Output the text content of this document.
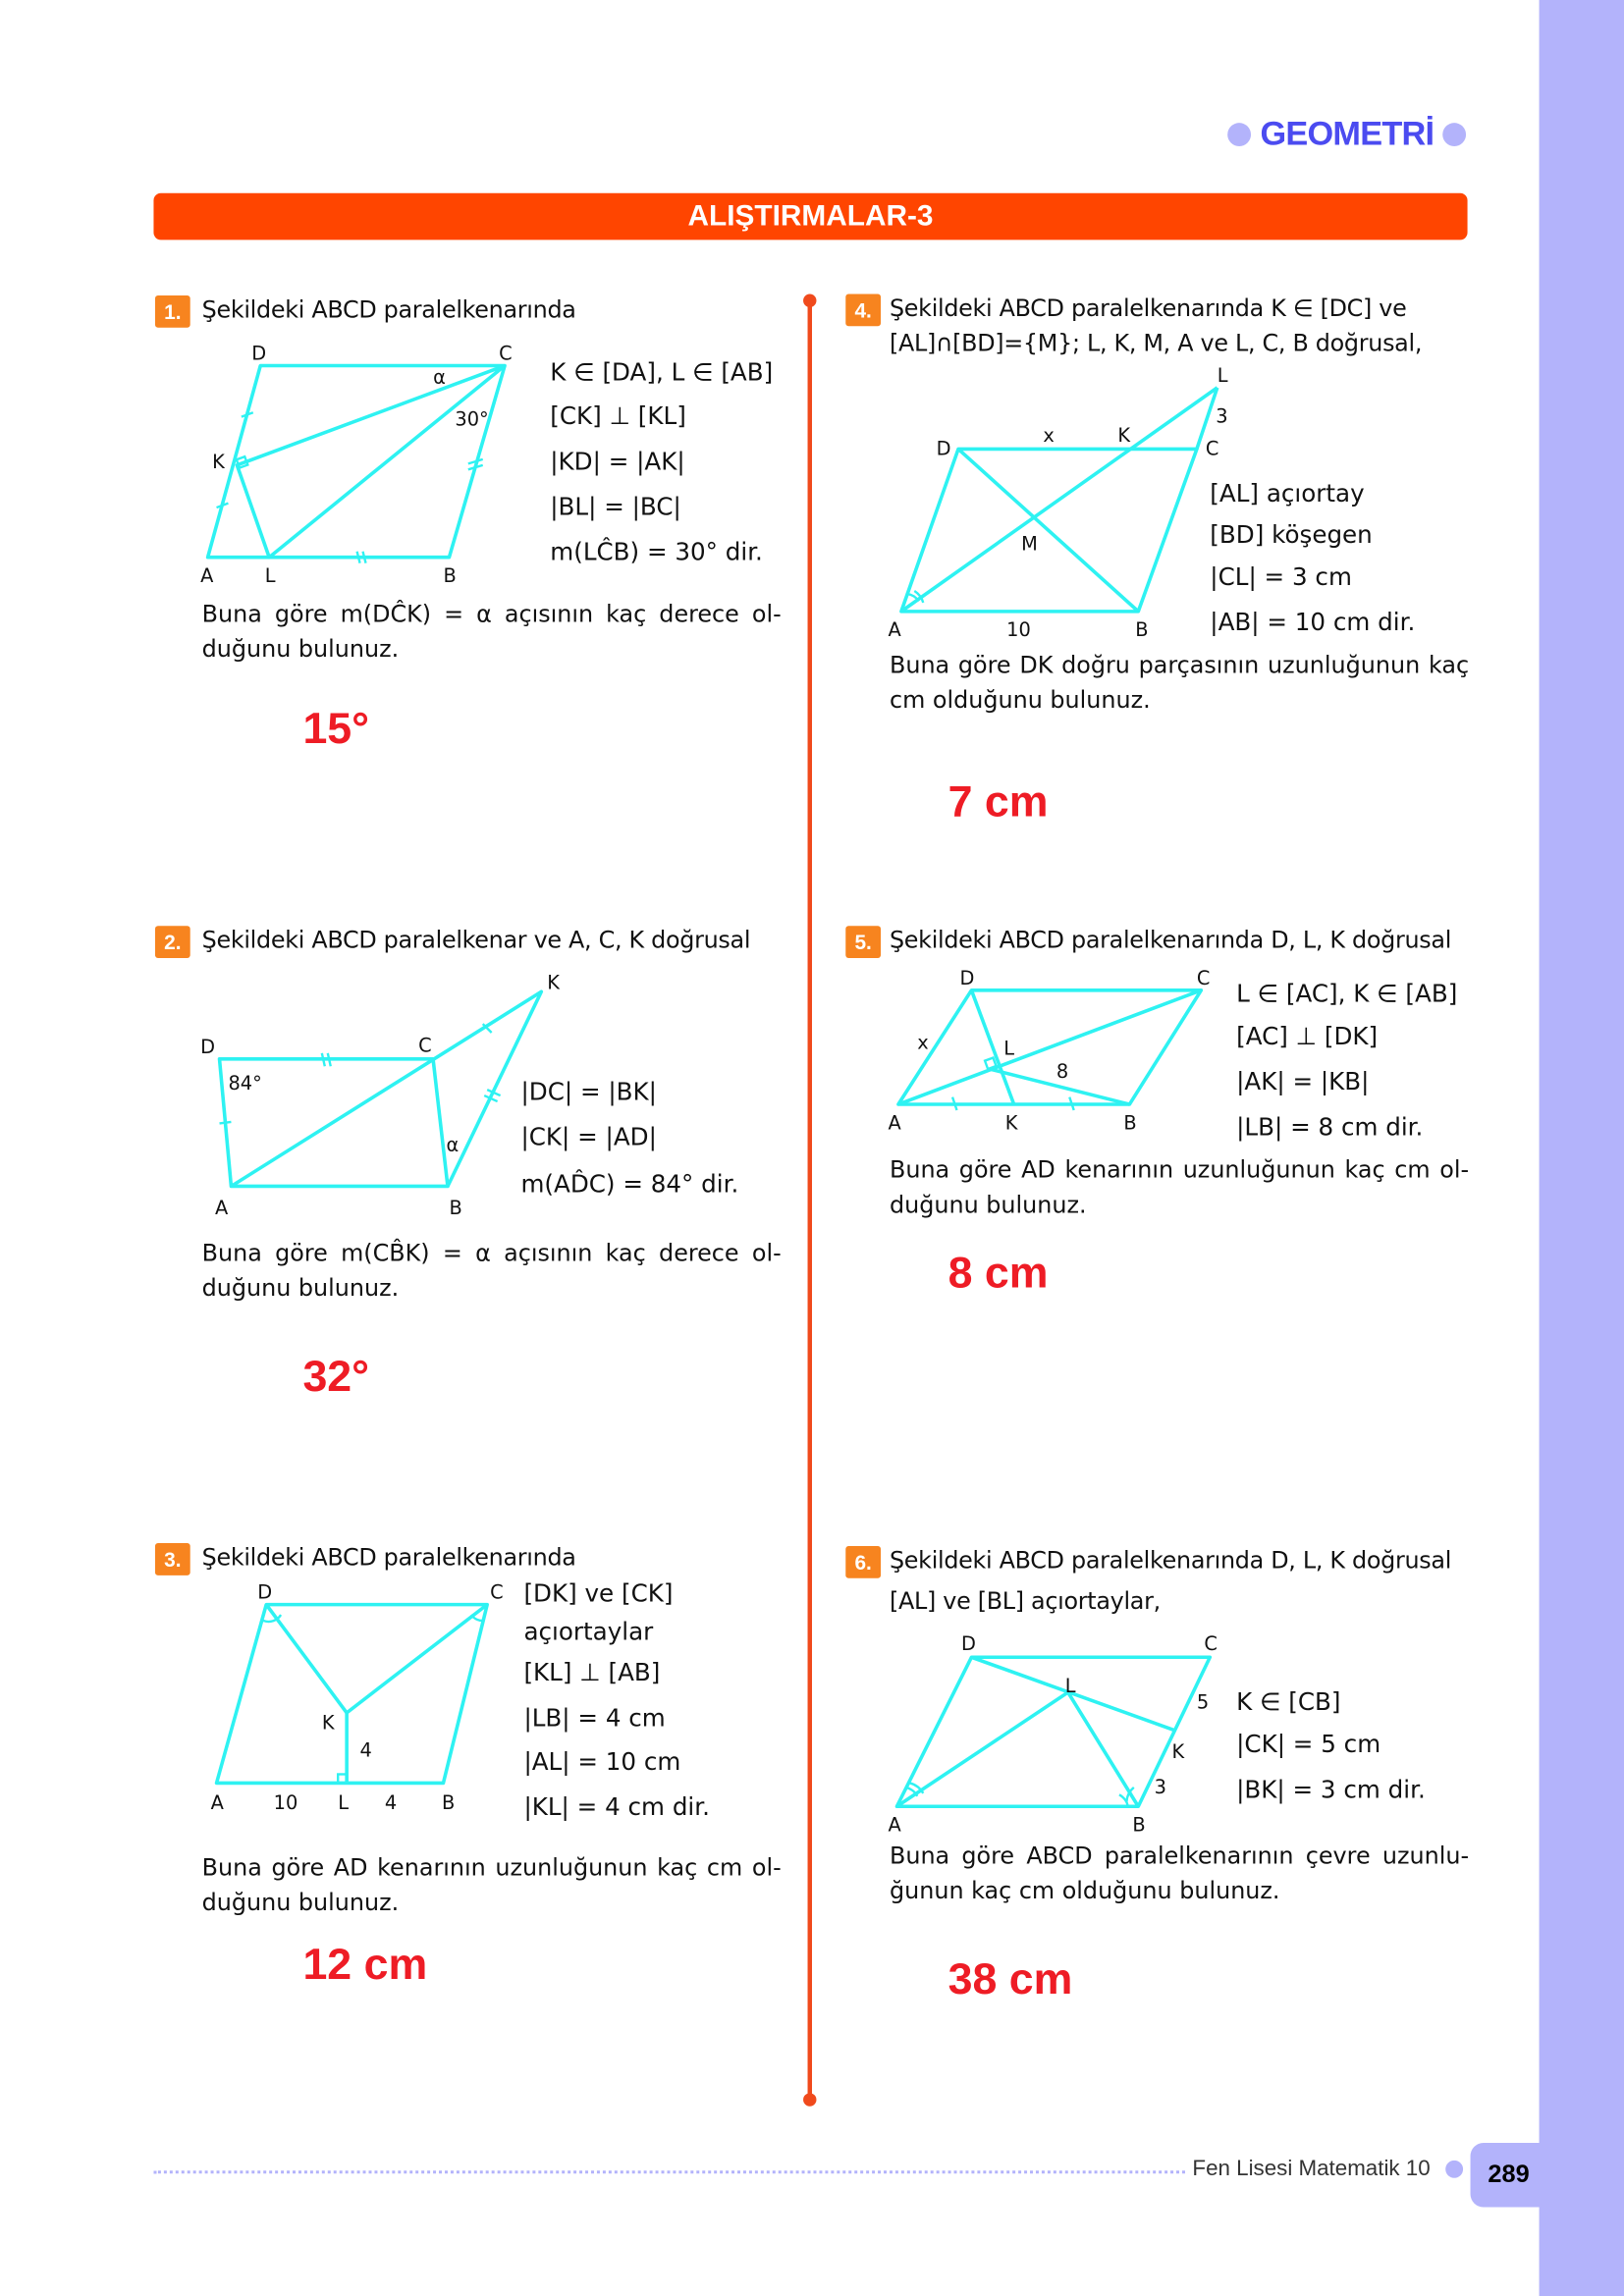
GEOMETRİ
ALIŞTIRMALAR-3
1.	Şekildeki ABCD paralelkenarında
K ∈ [DA], L ∈ [AB]
[CK] ⊥ [KL]
|KD| = |AK|
|BL| = |BC|
m(LĈB) = 30° dir.
Buna göre m(DĈK) = α açısının kaç derece ol-
duğunu bulunuz.
15°
2.	Şekildeki ABCD paralelkenar ve A, C, K doğrusal
|DC| = |BK|
|CK| = |AD|
m(AD̂C) = 84° dir.
Buna göre m(CB̂K) = α açısının kaç derece ol-
duğunu bulunuz.
32°
3.	Şekildeki ABCD paralelkenarında
[DK] ve [CK]
açıortaylar
[KL] ⊥ [AB]
|LB| = 4 cm
|AL| = 10 cm
|KL| = 4 cm dir.
Buna göre AD kenarının uzunluğunun kaç cm ol-
duğunu bulunuz.
12 cm
4.	Şekildeki ABCD paralelkenarında K ∈ [DC] ve
[AL]∩[BD]={M}; L, K, M, A ve L, C, B doğrusal,
[AL] açıortay
[BD] köşegen
|CL| = 3 cm
|AB| = 10 cm dir.
Buna göre DK doğru parçasının uzunluğunun kaç
cm olduğunu bulunuz.
7 cm
5.	Şekildeki ABCD paralelkenarında D, L, K doğrusal
L ∈ [AC], K ∈ [AB]
[AC] ⊥ [DK]
|AK| = |KB|
|LB| = 8 cm dir.
Buna göre AD kenarının uzunluğunun kaç cm ol-
duğunu bulunuz.
8 cm
6.	Şekildeki ABCD paralelkenarında D, L, K doğrusal
[AL] ve [BL] açıortaylar,
K ∈ [CB]
|CK| = 5 cm
|BK| = 3 cm dir.
Buna göre ABCD paralelkenarının çevre uzunlu-
ğunun kaç cm olduğunu bulunuz.
38 cm
D	C
α
30°
K
A	L	B
D	C
K
A	B
84°
α
D	C
K
4
A	10	L	4	B
L
3
D
x	K
C
M
A	10	B
D	C
x	L
8
A	K	B
D	C
L
5
K
3
A	B
Fen Lisesi Matematik 10	289
